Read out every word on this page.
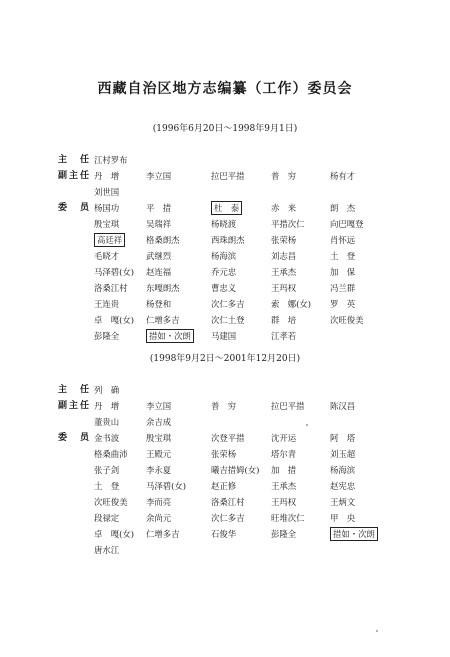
西藏自治区地方志编纂（工作）委员会
(1996年6月20日～1998年9月1日)
主　任 江村罗布
副主任 丹　增	李立国	拉巴平措	普　穷	杨有才
刘世国
委　员 杨国功	平　措	杜　泰	赤　来	朗　杰
殷宝琪	吴瑞祥	杨晓渡	平措次仁	向巴嘎登
高廷祥	格桑朗杰	西珠朗杰	张荣杨	肖怀远
毛晓才	武继烈	杨海滨	刘志昌	土　登
马泽碧(女) 赵连福	乔元忠	王承杰	加　保
洛桑江村 东嘎朗杰	曹忠义	王玛权	冯兰群
王连贵	杨登和	次仁多吉	索　娜(女) 罗　英
卓　嘎(女) 仁增多吉	次仁土登	群　培	次旺俊美
彭隆全	措如・次朗	马建国	江孝若
(1998年9月2日～2001年12月20日)
主　任 列　确
副主任 丹　增	李立国	普　穷	拉巴平措	陈汉昌
董贵山	余吉成
委　员 金书波	殷宝琪	次登平措	沈开运	阿　塔
格桑曲沛 王殿元	张荣杨	塔尔青	刘玉超
张子剑	李永夏	曦吉措姆(女) 加　措	杨海滨
土　登	马泽碧(女)	赵正修	王承杰	赵宪忠
次旺俊美 李而亮	洛桑江村	王玛权	王炳文
段禄定	余尚元	次仁多吉	旺堆次仁	甲　央
卓　嘎(女) 仁增多吉	石俊华	彭隆全	措如・次朗
唐水江
